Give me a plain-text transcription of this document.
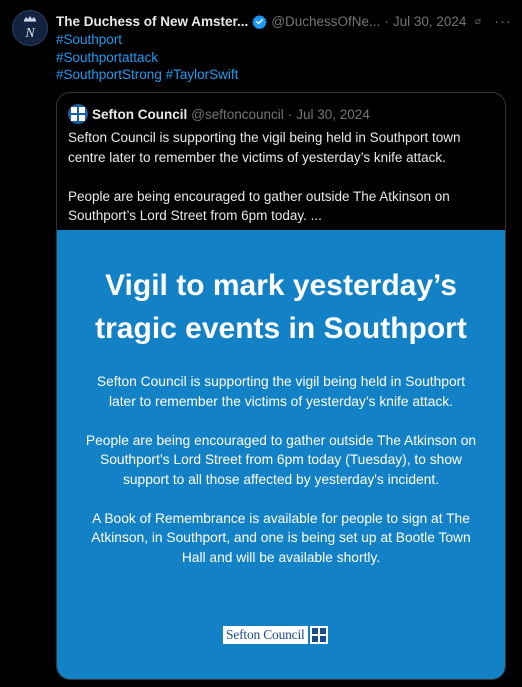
N
The Duchess of New Amster... @DuchessOfNe... · Jul 30, 2024 ···
#Southport
#Southportattack
#SouthportStrong #TaylorSwift
Sefton Council @seftoncouncil · Jul 30, 2024

Sefton Council is supporting the vigil being held in Southport town centre later to remember the victims of yesterday’s knife attack.

People are being encouraged to gather outside The Atkinson on Southport’s Lord Street from 6pm today. ...

Vigil to mark yesterday’s tragic events in Southport

Sefton Council is supporting the vigil being held in Southport later to remember the victims of yesterday’s knife attack.

People are being encouraged to gather outside The Atkinson on Southport’s Lord Street from 6pm today (Tuesday), to show support to all those affected by yesterday's incident.

A Book of Remembrance is available for people to sign at The Atkinson, in Southport, and one is being set up at Bootle Town Hall and will be available shortly.

Sefton Council
